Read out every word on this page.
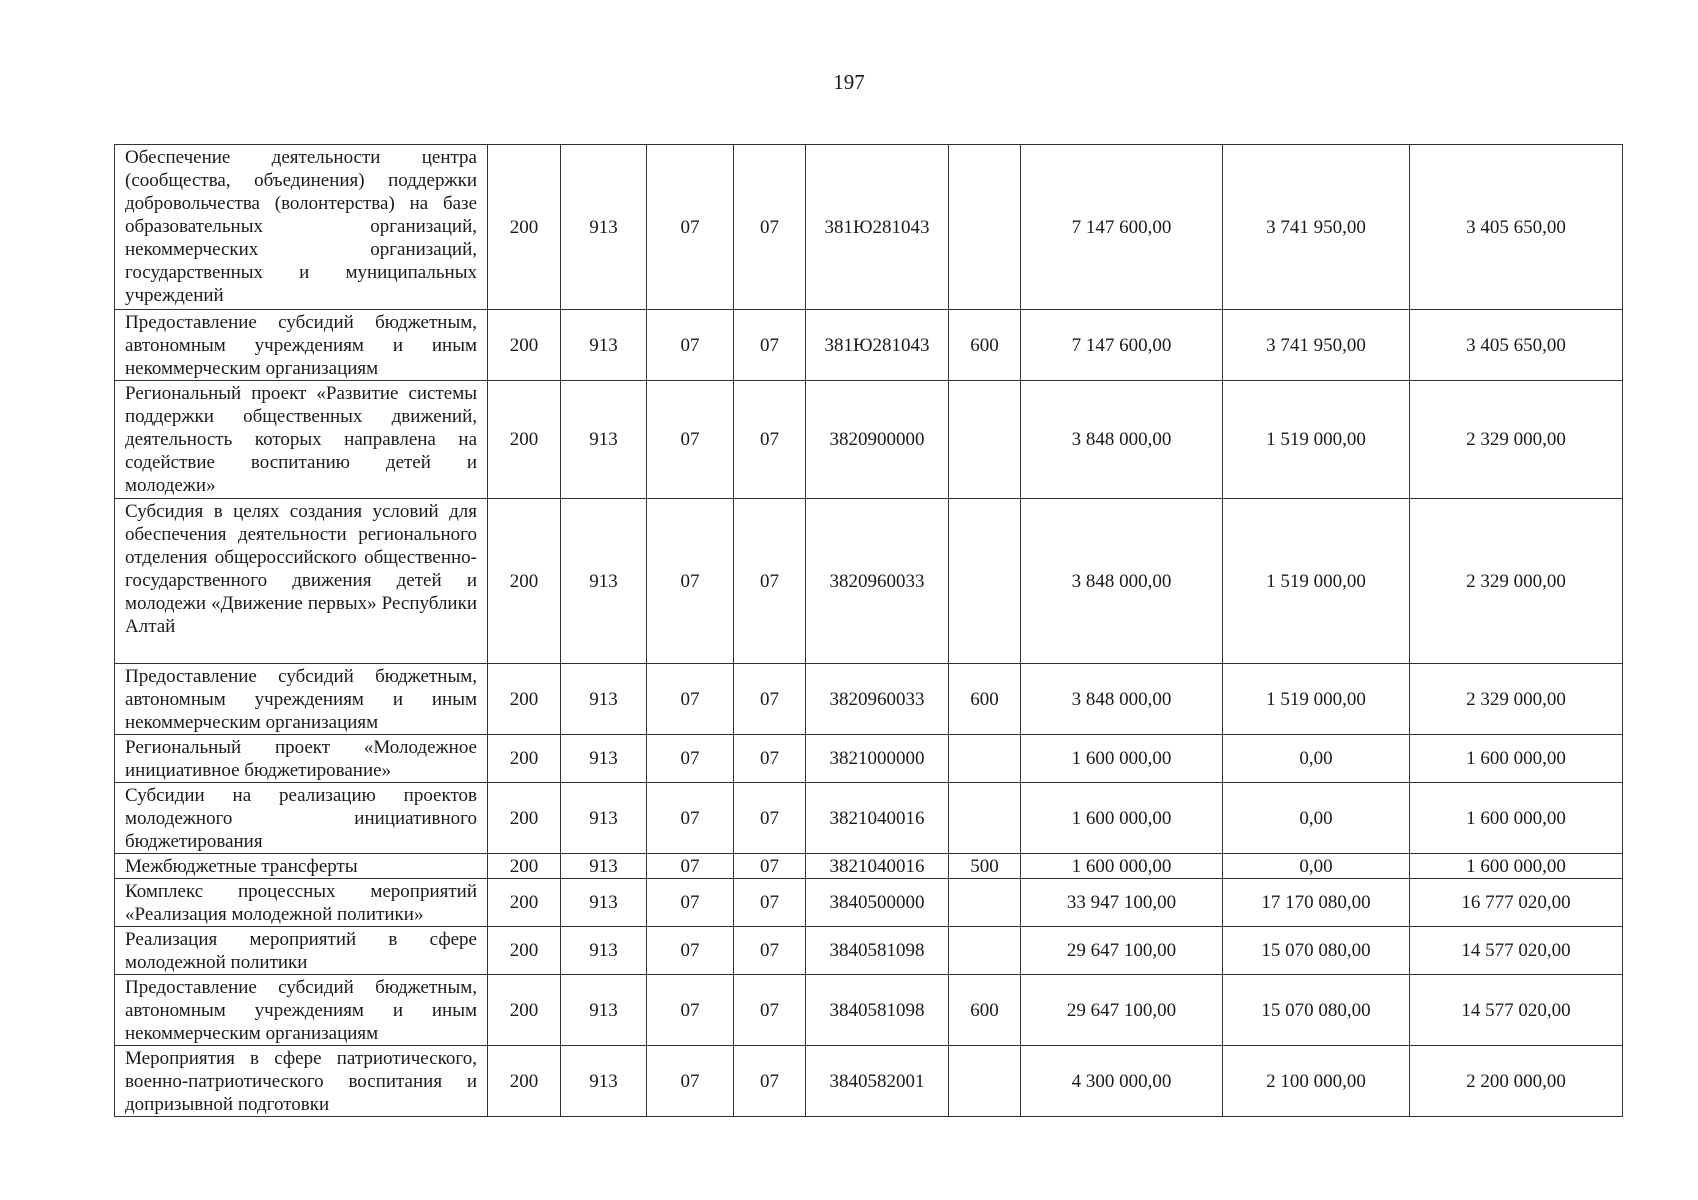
197
Обеспечение деятельности центра (сообщества, объединения) поддержки добровольчества (волонтерства) на базе образовательных организаций, некоммерческих организаций, государственных и муниципальных учреждений	200	913	07	07	381Ю281043		7 147 600,00	3 741 950,00	3 405 650,00

Предоставление субсидий бюджетным, автономным учреждениям и иным некоммерческим организациям	200	913	07	07	381Ю281043	600	7 147 600,00	3 741 950,00	3 405 650,00

Региональный проект «Развитие системы поддержки общественных движений, деятельность которых направлена на содействие воспитанию детей и молодежи»	200	913	07	07	3820900000		3 848 000,00	1 519 000,00	2 329 000,00

Субсидия в целях создания условий для обеспечения деятельности регионального отделения общероссийского общественно-государственного движения детей и молодежи «Движение первых» Республики Алтай	200	913	07	07	3820960033		3 848 000,00	1 519 000,00	2 329 000,00

Предоставление субсидий бюджетным, автономным учреждениям и иным некоммерческим организациям	200	913	07	07	3820960033	600	3 848 000,00	1 519 000,00	2 329 000,00

Региональный проект «Молодежное инициативное бюджетирование»	200	913	07	07	3821000000		1 600 000,00	0,00	1 600 000,00

Субсидии на реализацию проектов молодежного инициативного бюджетирования	200	913	07	07	3821040016		1 600 000,00	0,00	1 600 000,00

Межбюджетные трансферты	200	913	07	07	3821040016	500	1 600 000,00	0,00	1 600 000,00

Комплекс процессных мероприятий «Реализация молодежной политики»	200	913	07	07	3840500000		33 947 100,00	17 170 080,00	16 777 020,00

Реализация мероприятий в сфере молодежной политики	200	913	07	07	3840581098		29 647 100,00	15 070 080,00	14 577 020,00

Предоставление субсидий бюджетным, автономным учреждениям и иным некоммерческим организациям	200	913	07	07	3840581098	600	29 647 100,00	15 070 080,00	14 577 020,00

Мероприятия в сфере патриотического, военно-патриотического воспитания и допризывной подготовки	200	913	07	07	3840582001		4 300 000,00	2 100 000,00	2 200 000,00
